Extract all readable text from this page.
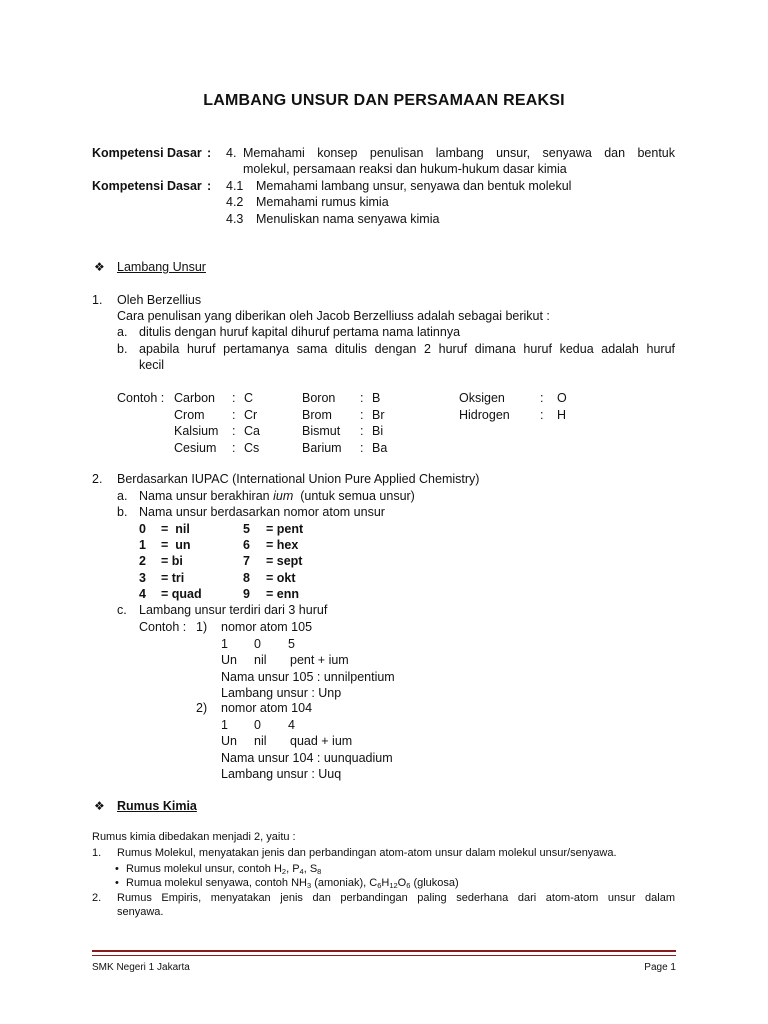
LAMBANG UNSUR DAN PERSAMAAN REAKSI
Kompetensi Dasar : 4. Memahami konsep penulisan lambang unsur, senyawa dan bentuk
molekul, persamaan reaksi dan hukum-hukum dasar kimia
Kompetensi Dasar : 4.1 Memahami lambang unsur, senyawa dan bentuk molekul
4.2 Memahami rumus kimia
4.3 Menuliskan nama senyawa kimia
❖ Lambang Unsur
1. Oleh Berzellius
Cara penulisan yang diberikan oleh Jacob Berzelliuss adalah sebagai berikut :
a. ditulis dengan huruf kapital dihuruf pertama nama latinnya
b. apabila huruf pertamanya sama ditulis dengan 2 huruf dimana huruf kedua adalah huruf
kecil
Contoh : Carbon : C	Boron : B	Oksigen	: O
Crom : Cr	Brom : Br	Hidrogen : H
Kalsium : Ca	Bismut : Bi
Cesium : Cs	Barium : Ba
2. Berdasarkan IUPAC (International Union Pure Applied Chemistry)
a. Nama unsur berakhiran ium  (untuk semua unsur)
b. Nama unsur berdasarkan nomor atom unsur
0 =  nil	5 = pent
1 =  un	6 = hex
2 = bi	7 = sept
3 = tri	8 = okt
4 = quad	9 = enn
c. Lambang unsur terdiri dari 3 huruf
Contoh : 1) nomor atom 105
1 0 5
Un nil pent + ium
Nama unsur 105 : unnilpentium
Lambang unsur : Unp
2) nomor atom 104
1 0 4
Un nil quad + ium
Nama unsur 104 : uunquadium
Lambang unsur : Uuq
❖ Rumus Kimia
Rumus kimia dibedakan menjadi 2, yaitu :
1. Rumus Molekul, menyatakan jenis dan perbandingan atom-atom unsur dalam molekul unsur/senyawa.
• Rumus molekul unsur, contoh $H_2$, $P_4$, $S_8$
• Rumua molekul senyawa, contoh $NH_3$ (amoniak), $C_6H_{12}O_6$ (glukosa)
2. Rumus Empiris, menyatakan jenis dan perbandingan paling sederhana dari atom-atom unsur dalam
senyawa.
SMK Negeri 1 Jakarta	Page 1
